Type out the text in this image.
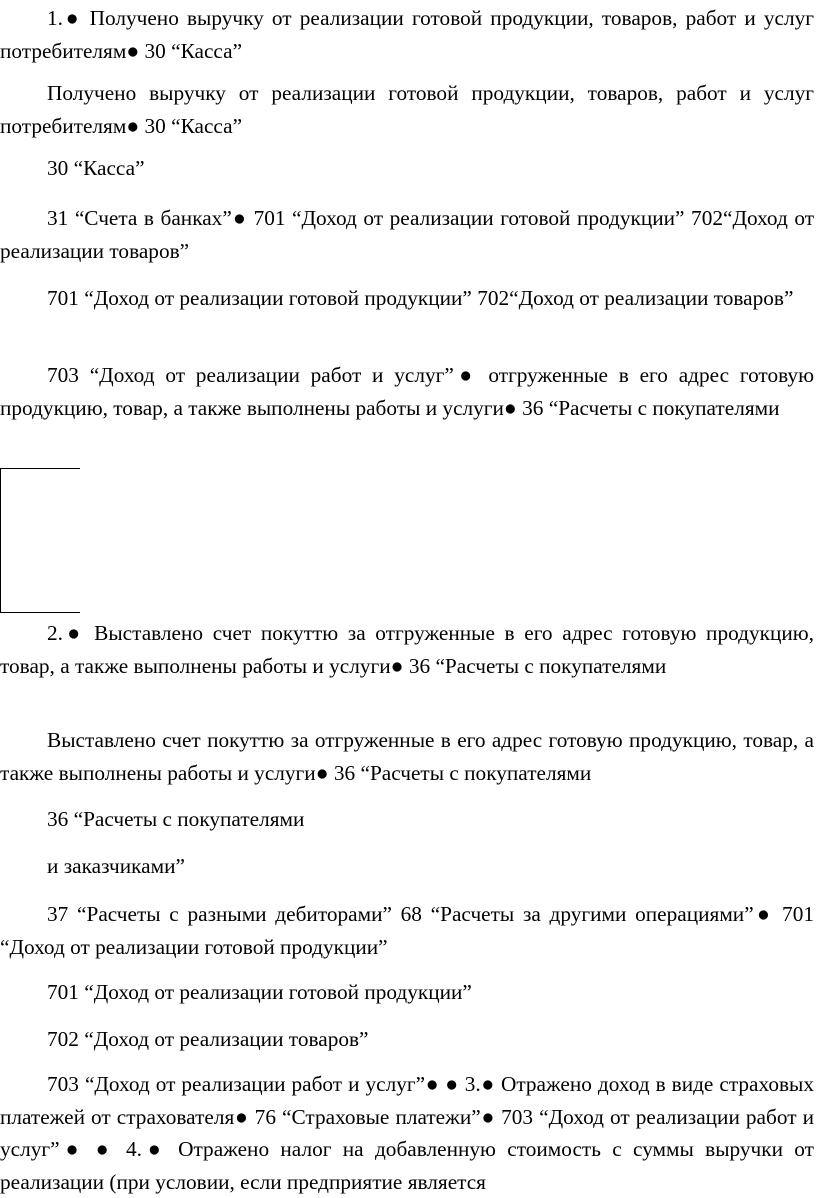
1.● Получено выручку от реализации готовой продукции, товаров, работ и услуг потребителям● 30 “Касса”

Получено выручку от реализации готовой продукции, товаров, работ и услуг потребителям● 30 “Касса”

30 “Касса”

31 “Счета в банках”● 701 “Доход от реализации готовой продукции” 702“Доход от реализации товаров”

701 “Доход от реализации готовой продукции” 702“Доход от реализации товаров”

703 “Доход от реализации работ и услуг”● отгруженные в его адрес готовую продукцию, товар, а также выполнены работы и услуги● 36 “Расчеты с покупателями

2.● Выставлено счет покуттю за отгруженные в его адрес готовую продукцию, товар, а также выполнены работы и услуги● 36 “Расчеты с покупателями

Выставлено счет покуттю за отгруженные в его адрес готовую продукцию, товар, а также выполнены работы и услуги● 36 “Расчеты с покупателями

36 “Расчеты с покупателями

и заказчиками”

37 “Расчеты с разными дебиторами” 68 “Расчеты за другими операциями”● 701 “Доход от реализации готовой продукции”

701 “Доход от реализации готовой продукции”

702 “Доход от реализации товаров”

703 “Доход от реализации работ и услуг”● ● 3.● Отражено доход в виде страховых платежей от страхователя● 76 “Страховые платежи”● 703 “Доход от реализации работ и услуг”● ● 4.● Отражено налог на добавленную стоимость с суммы выручки от реализации (при условии, если предприятие является
